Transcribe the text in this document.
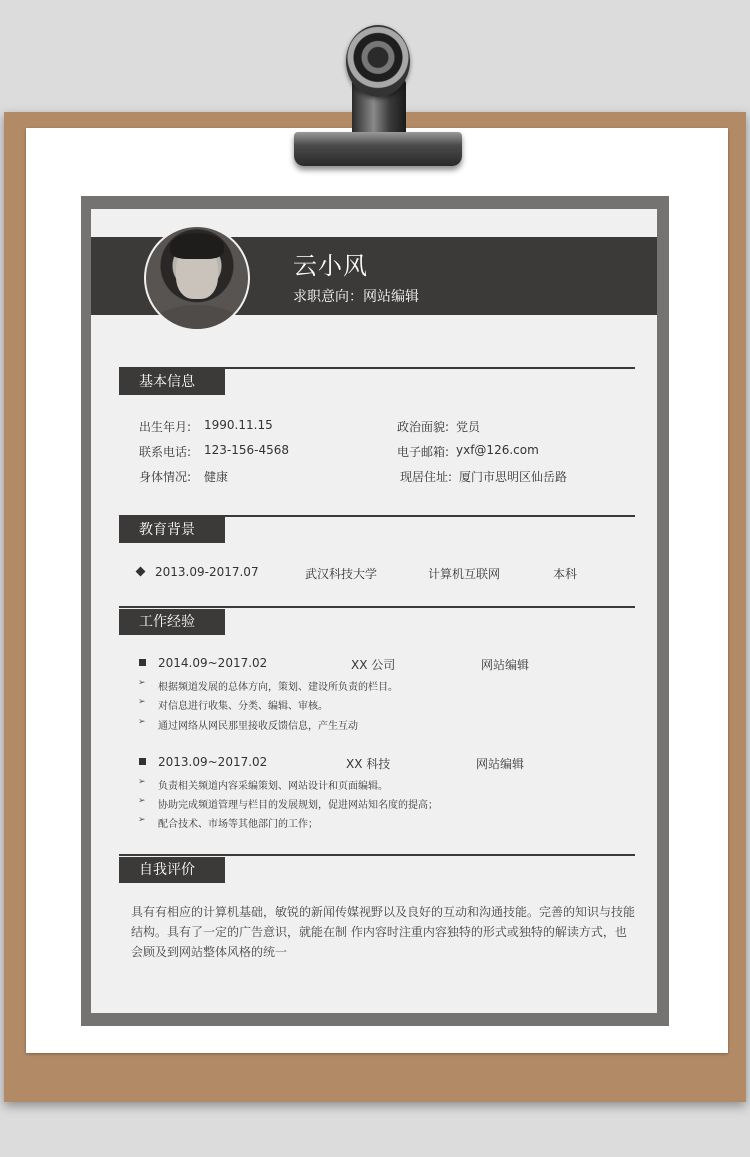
云小风
求职意向：网站编辑
基本信息
出生年月: 1990.11.15
联系电话: 123-156-4568
身体情况: 健康
政治面貌: 党员
电子邮箱: yxf@126.com
现居住址: 厦门市思明区仙岳路
教育背景
2013.09-2017.07	武汉科技大学	计算机互联网	本科
工作经验
2014.09~2017.02	XX 公司	网站编辑
➢ 根据频道发展的总体方向，策划、建设所负责的栏目。
➢ 对信息进行收集、分类、编辑、审核。
➢ 通过网络从网民那里接收反馈信息，产生互动
2013.09~2017.02	XX 科技	网站编辑
➢ 负责相关频道内容采编策划、网站设计和页面编辑。
➢ 协助完成频道管理与栏目的发展规划，促进网站知名度的提高；
➢ 配合技术、市场等其他部门的工作；
自我评价
具有有相应的计算机基础，敏锐的新闻传媒视野以及良好的互动和沟通技能。完善的知识与技能结构。具有了一定的广告意识，就能在制 作内容时注重内容独特的形式或独特的解读方式，也会顾及到网站整体风格的统一
